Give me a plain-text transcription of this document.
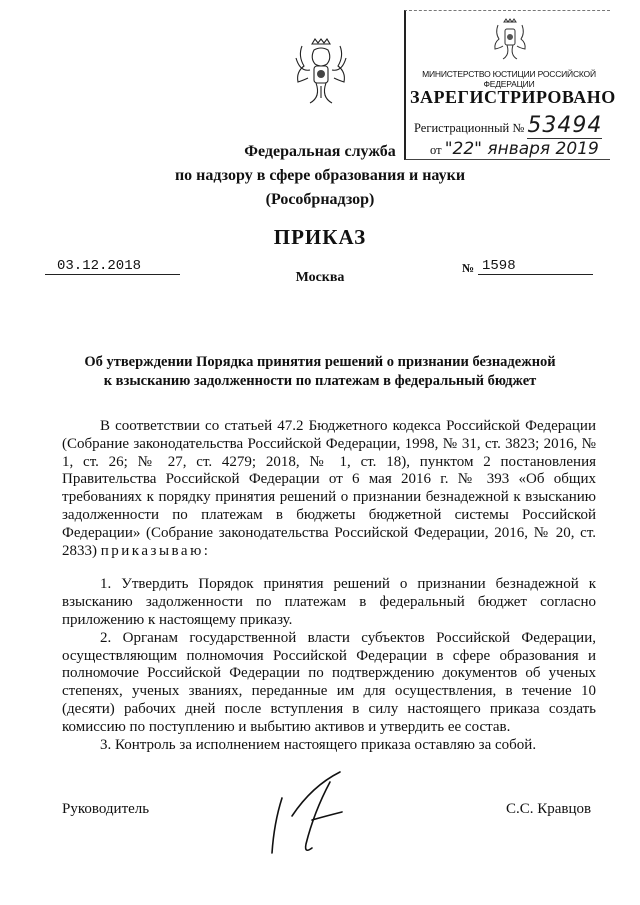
МИНИСТЕРСТВО ЮСТИЦИИ РОССИЙСКОЙ ФЕДЕРАЦИИ
ЗАРЕГИСТРИРОВАНО
Регистрационный № 53494
от "22" января 2019
Федеральная служба
по надзору в сфере образования и науки
(Рособрнадзор)
ПРИКАЗ
03.12.2018	№ 1598
Москва
Об утверждении Порядка принятия решений о признании безнадежной
к взысканию задолженности по платежам в федеральный бюджет

В соответствии со статьей 47.2 Бюджетного кодекса Российской Федерации (Собрание законодательства Российской Федерации, 1998, № 31, ст. 3823; 2016, № 1, ст. 26; № 27, ст. 4279; 2018, № 1, ст. 18), пунктом 2 постановления Правительства Российской Федерации от 6 мая 2016 г. № 393 «Об общих требованиях к порядку принятия решений о признании безнадежной к взысканию задолженности по платежам в бюджеты бюджетной системы Российской Федерации» (Собрание законодательства Российской Федерации, 2016, № 20, ст. 2833) приказываю:

1. Утвердить Порядок принятия решений о признании безнадежной к взысканию задолженности по платежам в федеральный бюджет согласно приложению к настоящему приказу.

2. Органам государственной власти субъектов Российской Федерации, осуществляющим полномочия Российской Федерации в сфере образования и полномочие Российской Федерации по подтверждению документов об ученых степенях, ученых званиях, переданные им для осуществления, в течение 10 (десяти) рабочих дней после вступления в силу настоящего приказа создать комиссию по поступлению и выбытию активов и утвердить ее состав.

3. Контроль за исполнением настоящего приказа оставляю за собой.

Руководитель	С.С. Кравцов
